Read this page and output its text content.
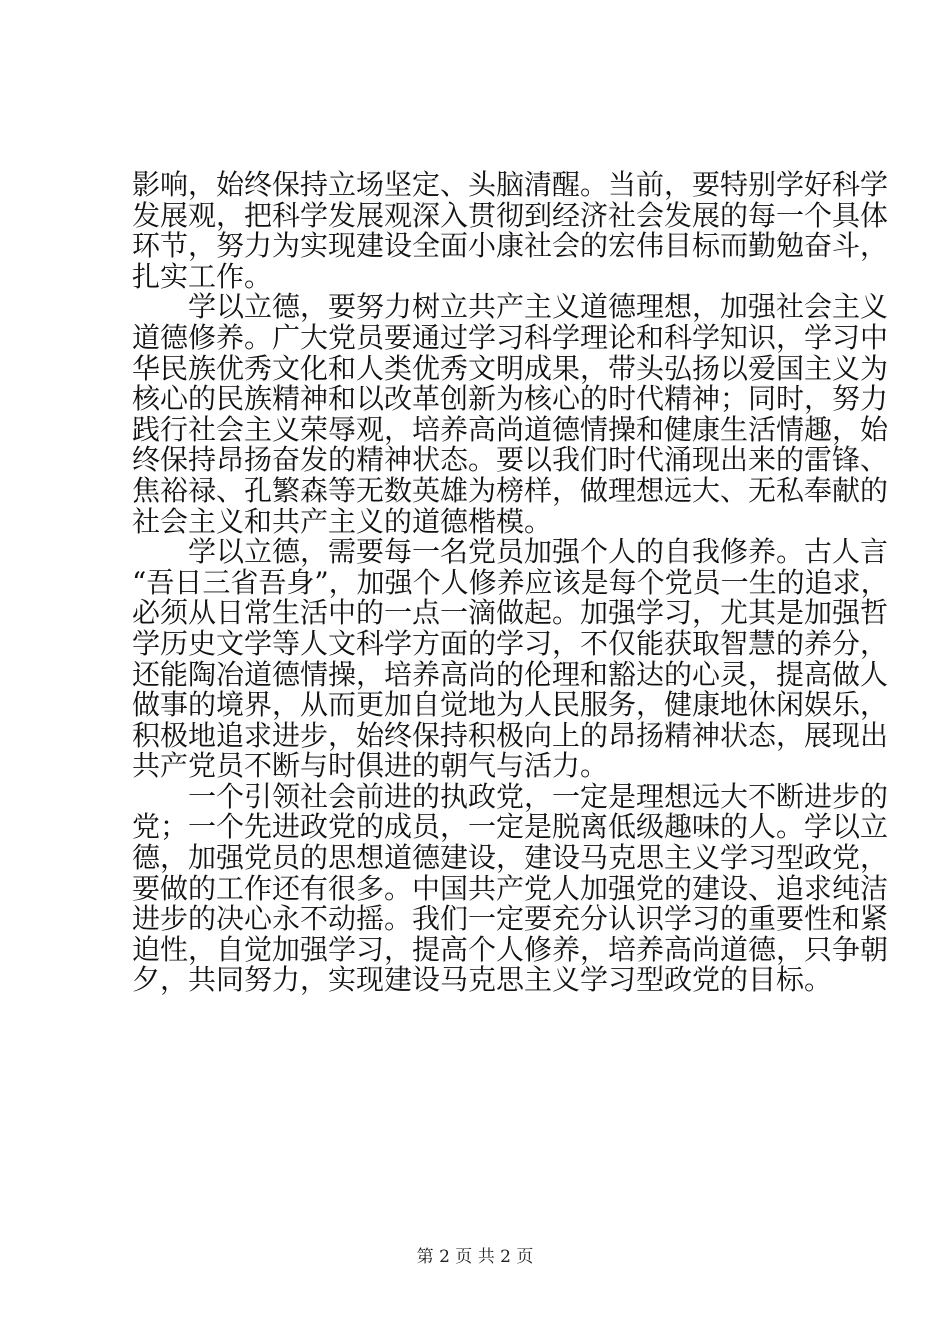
影响，始终保持立场坚定、头脑清醒。当前，要特别学好科学
发展观，把科学发展观深入贯彻到经济社会发展的每一个具体
环节，努力为实现建设全面小康社会的宏伟目标而勤勉奋斗，
扎实工作。
学以立德，要努力树立共产主义道德理想，加强社会主义
道德修养。广大党员要通过学习科学理论和科学知识，学习中
华民族优秀文化和人类优秀文明成果，带头弘扬以爱国主义为
核心的民族精神和以改革创新为核心的时代精神；同时，努力
践行社会主义荣辱观，培养高尚道德情操和健康生活情趣，始
终保持昂扬奋发的精神状态。要以我们时代涌现出来的雷锋、
焦裕禄、孔繁森等无数英雄为榜样，做理想远大、无私奉献的
社会主义和共产主义的道德楷模。
学以立德，需要每一名党员加强个人的自我修养。古人言
“吾日三省吾身”，加强个人修养应该是每个党员一生的追求，
必须从日常生活中的一点一滴做起。加强学习，尤其是加强哲
学历史文学等人文科学方面的学习，不仅能获取智慧的养分，
还能陶冶道德情操，培养高尚的伦理和豁达的心灵，提高做人
做事的境界，从而更加自觉地为人民服务，健康地休闲娱乐，
积极地追求进步，始终保持积极向上的昂扬精神状态，展现出
共产党员不断与时俱进的朝气与活力。
一个引领社会前进的执政党，一定是理想远大不断进步的
党；一个先进政党的成员，一定是脱离低级趣味的人。学以立
德，加强党员的思想道德建设，建设马克思主义学习型政党，
要做的工作还有很多。中国共产党人加强党的建设、追求纯洁
进步的决心永不动摇。我们一定要充分认识学习的重要性和紧
迫性，自觉加强学习，提高个人修养，培养高尚道德，只争朝
夕，共同努力，实现建设马克思主义学习型政党的目标。
第 2 页 共 2 页
